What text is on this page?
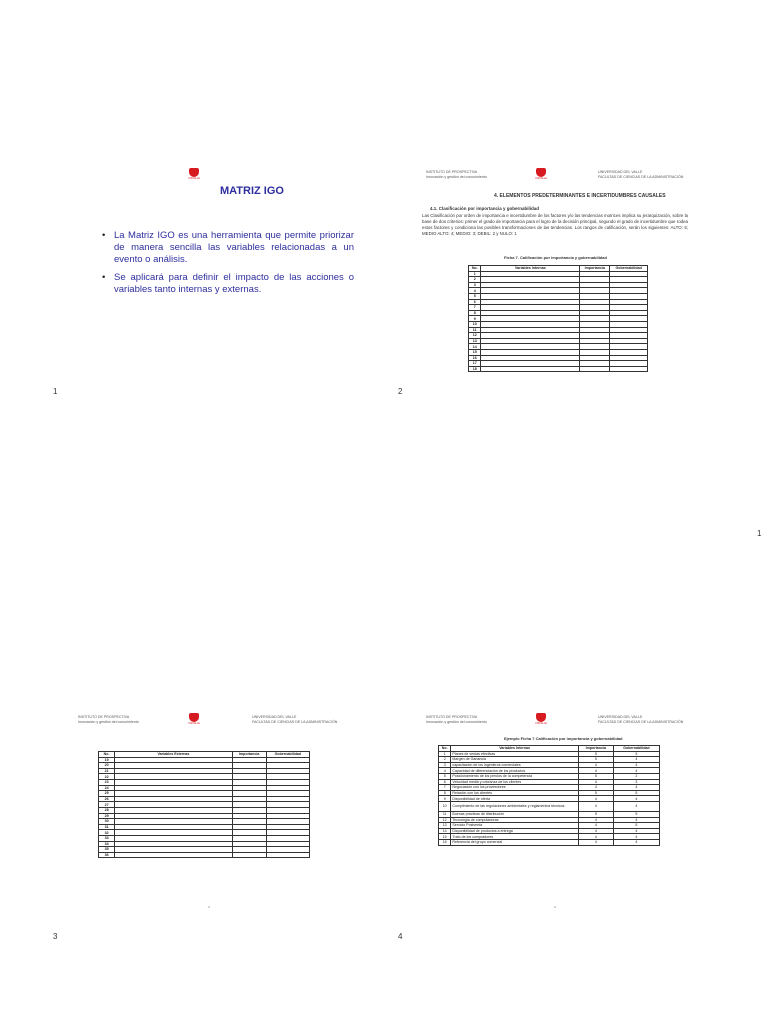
UNIVALLE
MATRIZ IGO
• La Matriz IGO es una herramienta que permite priorizar de manera sencilla las variables relacionadas a un evento o análisis.
• Se aplicará para definir el impacto de las acciones o variables tanto internas y externas.
1
INSTITUTO DE PROSPECTIVA
Innovación y gestión del conocimiento	UNIVALLE
UNIVERSIDAD DEL VALLE
FACULTAD DE CIENCIAS DE LA ADMINISTRACIÓN
4. ELEMENTOS PREDETERMINANTES E INCERTIDUMBRES CAUSALES
4.1. Clasificación por importancia y gobernabilidad
Las Clasificación por orden de importancia e incertidumbre de los factores y/o las tendencias motrices implica su jerarquización, sobre la base de dos criterios: primer el grado de importancia para el logro de la decisión principal, segundo el grado de incertidumbre que rodea estos factores y condiciona las posibles transformaciones de las tendencias. Los rangos de calificación, serán los siguientes: ALTO: 5; MEDIO ALTO: 4; MEDIO: 3; DEBIL: 2 y NULO: 1
Ficha 7. Calificación por importancia y gobernabilidad
No.	Variables Internas	Importancia	Gobernabilidad
1			
2			
3			
4			
5			
6			
7			
8			
9			
10			
11			
12			
13			
14			
15			
16			
17			
18			
2
1
INSTITUTO DE PROSPECTIVA
Innovación y gestión del conocimiento	UNIVALLE
UNIVERSIDAD DEL VALLE
FACULTAD DE CIENCIAS DE LA ADMINISTRACIÓN
No.	Variables Externas	Importancia	Gobernabilidad
19			
20			
21			
22			
23			
24			
25			
26			
27			
28			
29			
30			
31			
32			
33			
34			
35			
36			
4
3
INSTITUTO DE PROSPECTIVA
Innovación y gestión del conocimiento	UNIVALLE
UNIVERSIDAD DEL VALLE
FACULTAD DE CIENCIAS DE LA ADMINISTRACIÓN
Ejemplo Ficha 7 Calificación por importancia y gobernabilidad
No.	Variables Internas	Importancia	Gobernabilidad
1	Planes de ventas efectivas	5	5
2	Margen de Ganancia	5	4
3	capacitación de los ingenieros comerciales	4	4
4	Capacidad de diferenciación de los productos	4	4
5	Posicionamiento de los precios de la competencia	5	2
6	Velocidad media y cobranza de los clientes	4	3
7	Negociación con los proveedores	4	4
8	Relación con los clientes	5	5
9	Disponibilidad de oferta	4	4
10	Cumplimiento de las regulaciones ambientales y reglamentos técnicos	4	4
11	Buenas prácticas de distribución	5	5
12	Tecnología de computadoras	4	4
13	Servicio Postventa	4	5
14	Disponibilidad de productos a entrega	4	4
15	Trato de los compradores	4	4
16	Referencia del grupo comercial	4	4
4
4
